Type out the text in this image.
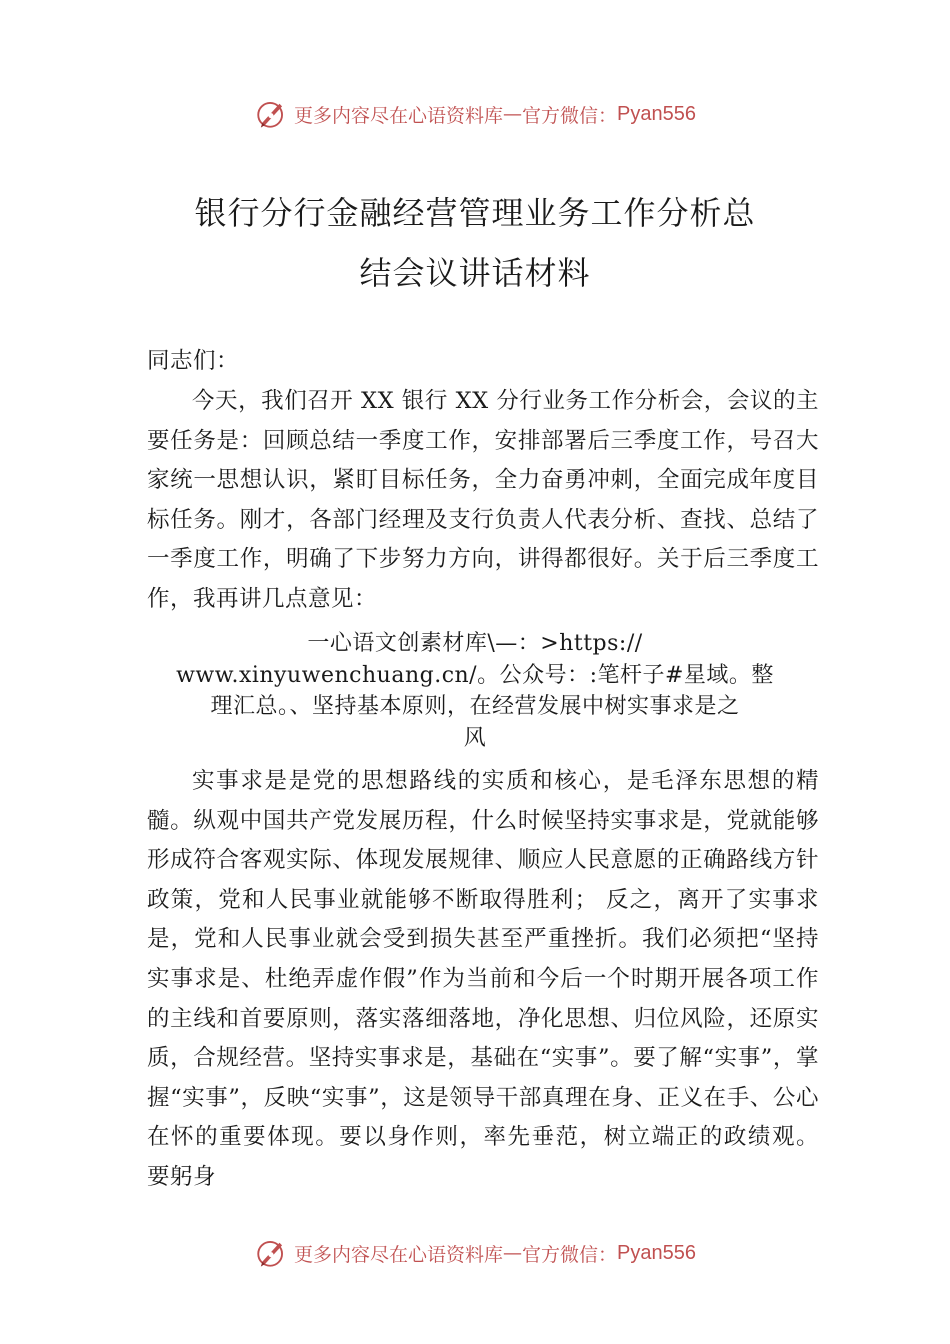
更多内容尽在心语资料库 — 官方微信： Pyan556
银行分行金融经营管理业务工作分析总
结会议讲话材料

同志们：

今天，我们召开 XX 银行 XX 分行业务工作分析会，会议的主要任务是：回顾总结一季度工作，安排部署后三季度工作，号召大家统一思想认识，紧盯目标任务，全力奋勇冲刺，全面完成年度目标任务。刚才，各部门经理及支行负责人代表分析、查找、总结了一季度工作，明确了下步努力方向，讲得都很好。关于后三季度工作，我再讲几点意见：

一心语文创素材库\—：>https://
www.xinyuwenchuang.cn/。公众号：:笔杆子#星域。整
理汇总。、坚持基本原则，在经营发展中树实事求是之
风

实事求是是党的思想路线的实质和核心，是毛泽东思想的精髓。纵观中国共产党发展历程，什么时候坚持实事求是，党就能够形成符合客观实际、体现发展规律、顺应人民意愿的正确路线方针政策，党和人民事业就能够不断取得胜利； 反之，离开了实事求是，党和人民事业就会受到损失甚至严重挫折。我们必须把“坚持实事求是、杜绝弄虚作假”作为当前和今后一个时期开展各项工作的主线和首要原则，落实落细落地，净化思想、归位风险，还原实质，合规经营。坚持实事求是，基础在“实事”。要了解“实事”，掌握“实事”，反映“实事”，这是领导干部真理在身、正义在手、公心在怀的重要体现。要以身作则，率先垂范，树立端正的政绩观。 要躬身

更多内容尽在心语资料库 — 官方微信： Pyan556
